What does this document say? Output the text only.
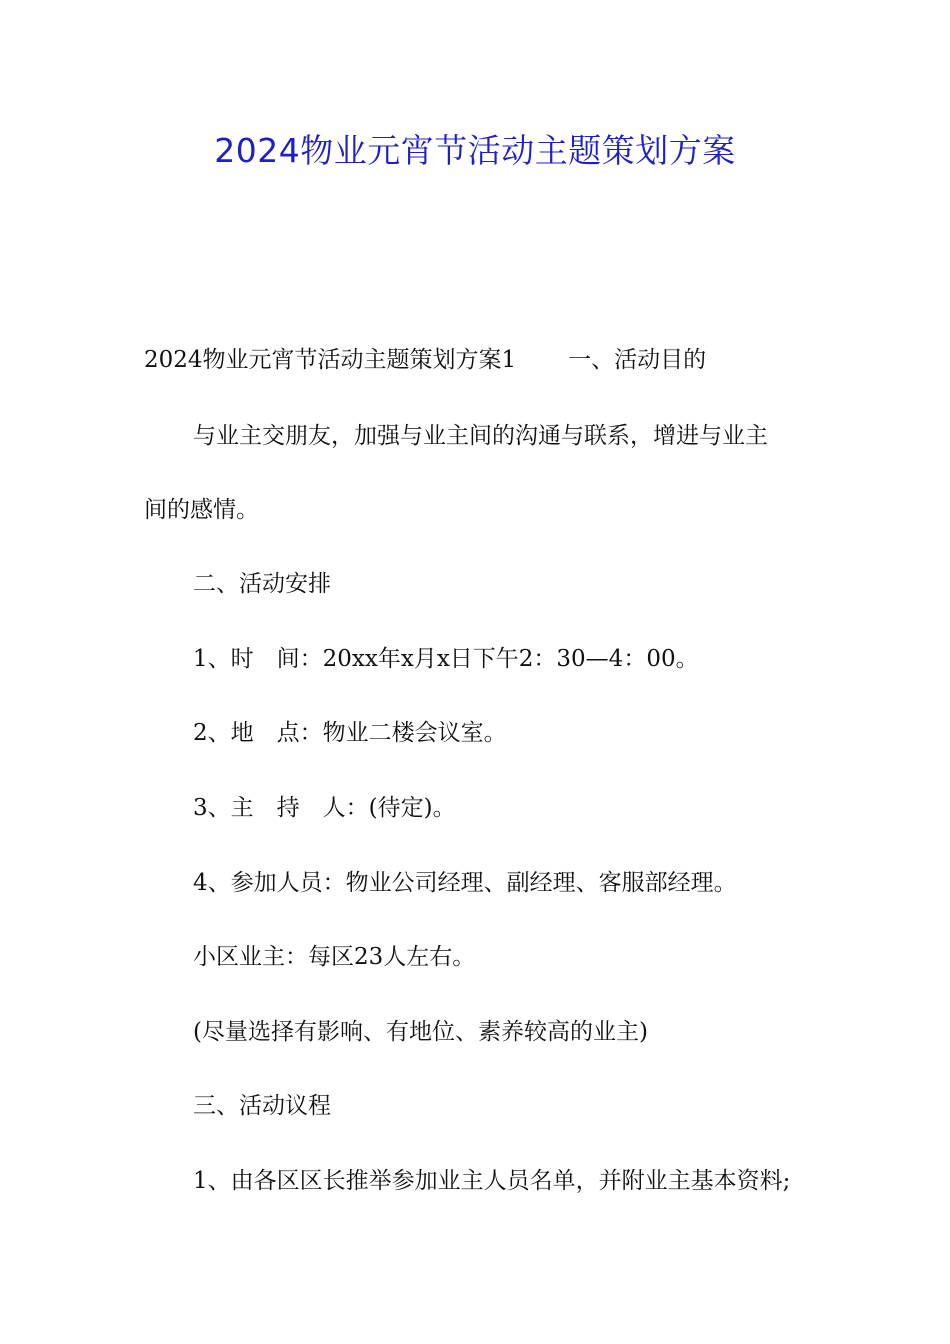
2024物业元宵节活动主题策划方案

2024物业元宵节活动主题策划方案1 一、活动目的

与业主交朋友，加强与业主间的沟通与联系，增进与业主

间的感情。

二、活动安排

1、时　间：20xx年x月x日下午2：30—4：00。

2、地　点：物业二楼会议室。

3、主　持　人：(待定)。

4、参加人员：物业公司经理、副经理、客服部经理。

小区业主：每区23人左右。

(尽量选择有影响、有地位、素养较高的业主)

三、活动议程

1、由各区区长推举参加业主人员名单，并附业主基本资料;
